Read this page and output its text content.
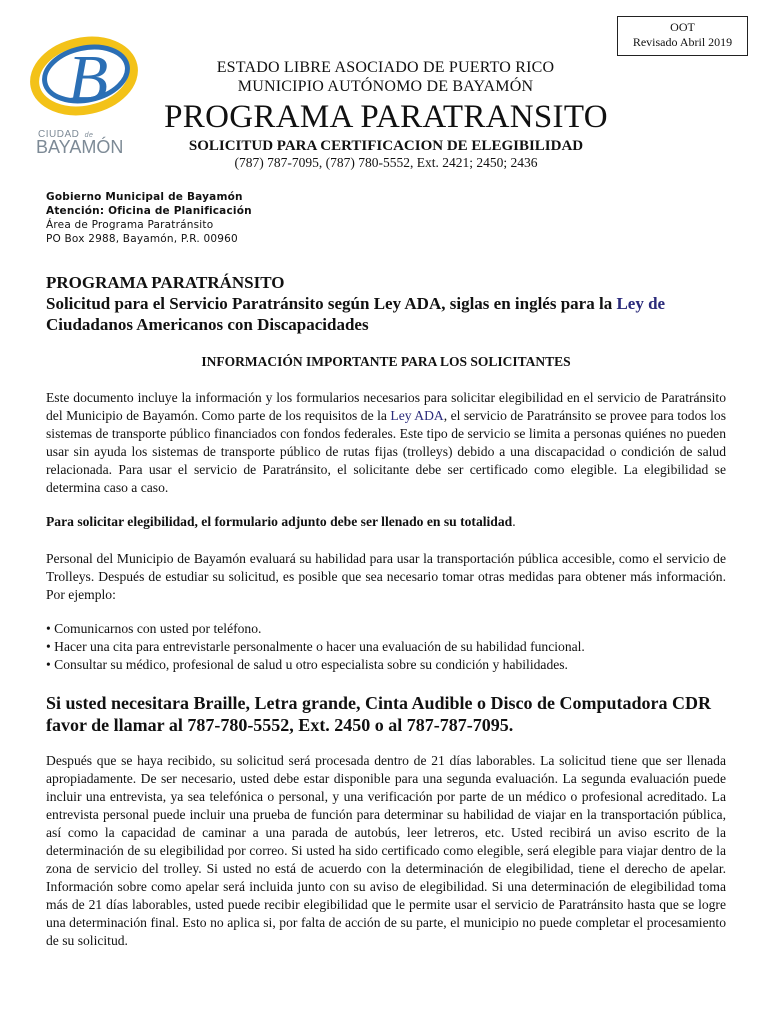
OOT
Revisado Abril 2019
B
CIUDAD de
BAYAMÓN
ESTADO LIBRE ASOCIADO DE PUERTO RICO
MUNICIPIO AUTÓNOMO DE BAYAMÓN
PROGRAMA PARATRANSITO
SOLICITUD PARA CERTIFICACION DE ELEGIBILIDAD
(787) 787-7095, (787) 780-5552, Ext. 2421; 2450; 2436
Gobierno Municipal de Bayamón
Atención: Oficina de Planificación
Área de Programa Paratránsito
PO Box 2988, Bayamón, P.R. 00960
PROGRAMA PARATRÁNSITO
Solicitud para el Servicio Paratránsito según Ley ADA, siglas en inglés para la Ley de
Ciudadanos Americanos con Discapacidades
INFORMACIÓN IMPORTANTE PARA LOS SOLICITANTES
Este documento incluye la información y los formularios necesarios para solicitar elegibilidad en el servicio de Paratránsito del Municipio de Bayamón. Como parte de los requisitos de la Ley ADA, el servicio de Paratránsito se provee para todos los sistemas de transporte público financiados con fondos federales. Este tipo de servicio se limita a personas quiénes no pueden usar sin ayuda los sistemas de transporte público de rutas fijas (trolleys) debido a una discapacidad o condición de salud relacionada. Para usar el servicio de Paratránsito, el solicitante debe ser certificado como elegible. La elegibilidad se determina caso a caso.
Para solicitar elegibilidad, el formulario adjunto debe ser llenado en su totalidad.
Personal del Municipio de Bayamón evaluará su habilidad para usar la transportación pública accesible, como el servicio de Trolleys. Después de estudiar su solicitud, es posible que sea necesario tomar otras medidas para obtener más información. Por ejemplo:
• Comunicarnos con usted por teléfono.
• Hacer una cita para entrevistarle personalmente o hacer una evaluación de su habilidad funcional.
• Consultar su médico, profesional de salud u otro especialista sobre su condición y habilidades.
Si usted necesitara Braille, Letra grande, Cinta Audible o Disco de Computadora CDR
favor de llamar al 787-780-5552, Ext. 2450 o al 787-787-7095.
Después que se haya recibido, su solicitud será procesada dentro de 21 días laborables. La solicitud tiene que ser llenada apropiadamente. De ser necesario, usted debe estar disponible para una segunda evaluación. La segunda evaluación puede incluir una entrevista, ya sea telefónica o personal, y una verificación por parte de un médico o profesional acreditado. La entrevista personal puede incluir una prueba de función para determinar su habilidad de viajar en la transportación pública, así como la capacidad de caminar a una parada de autobús, leer letreros, etc. Usted recibirá un aviso escrito de la determinación de su elegibilidad por correo. Si usted ha sido certificado como elegible, será elegible para viajar dentro de la zona de servicio del trolley. Si usted no está de acuerdo con la determinación de elegibilidad, tiene el derecho de apelar. Información sobre como apelar será incluida junto con su aviso de elegibilidad. Si una determinación de elegibilidad toma más de 21 días laborables, usted puede recibir elegibilidad que le permite usar el servicio de Paratránsito hasta que se logre una determinación final. Esto no aplica si, por falta de acción de su parte, el municipio no puede completar el procesamiento de su solicitud.
